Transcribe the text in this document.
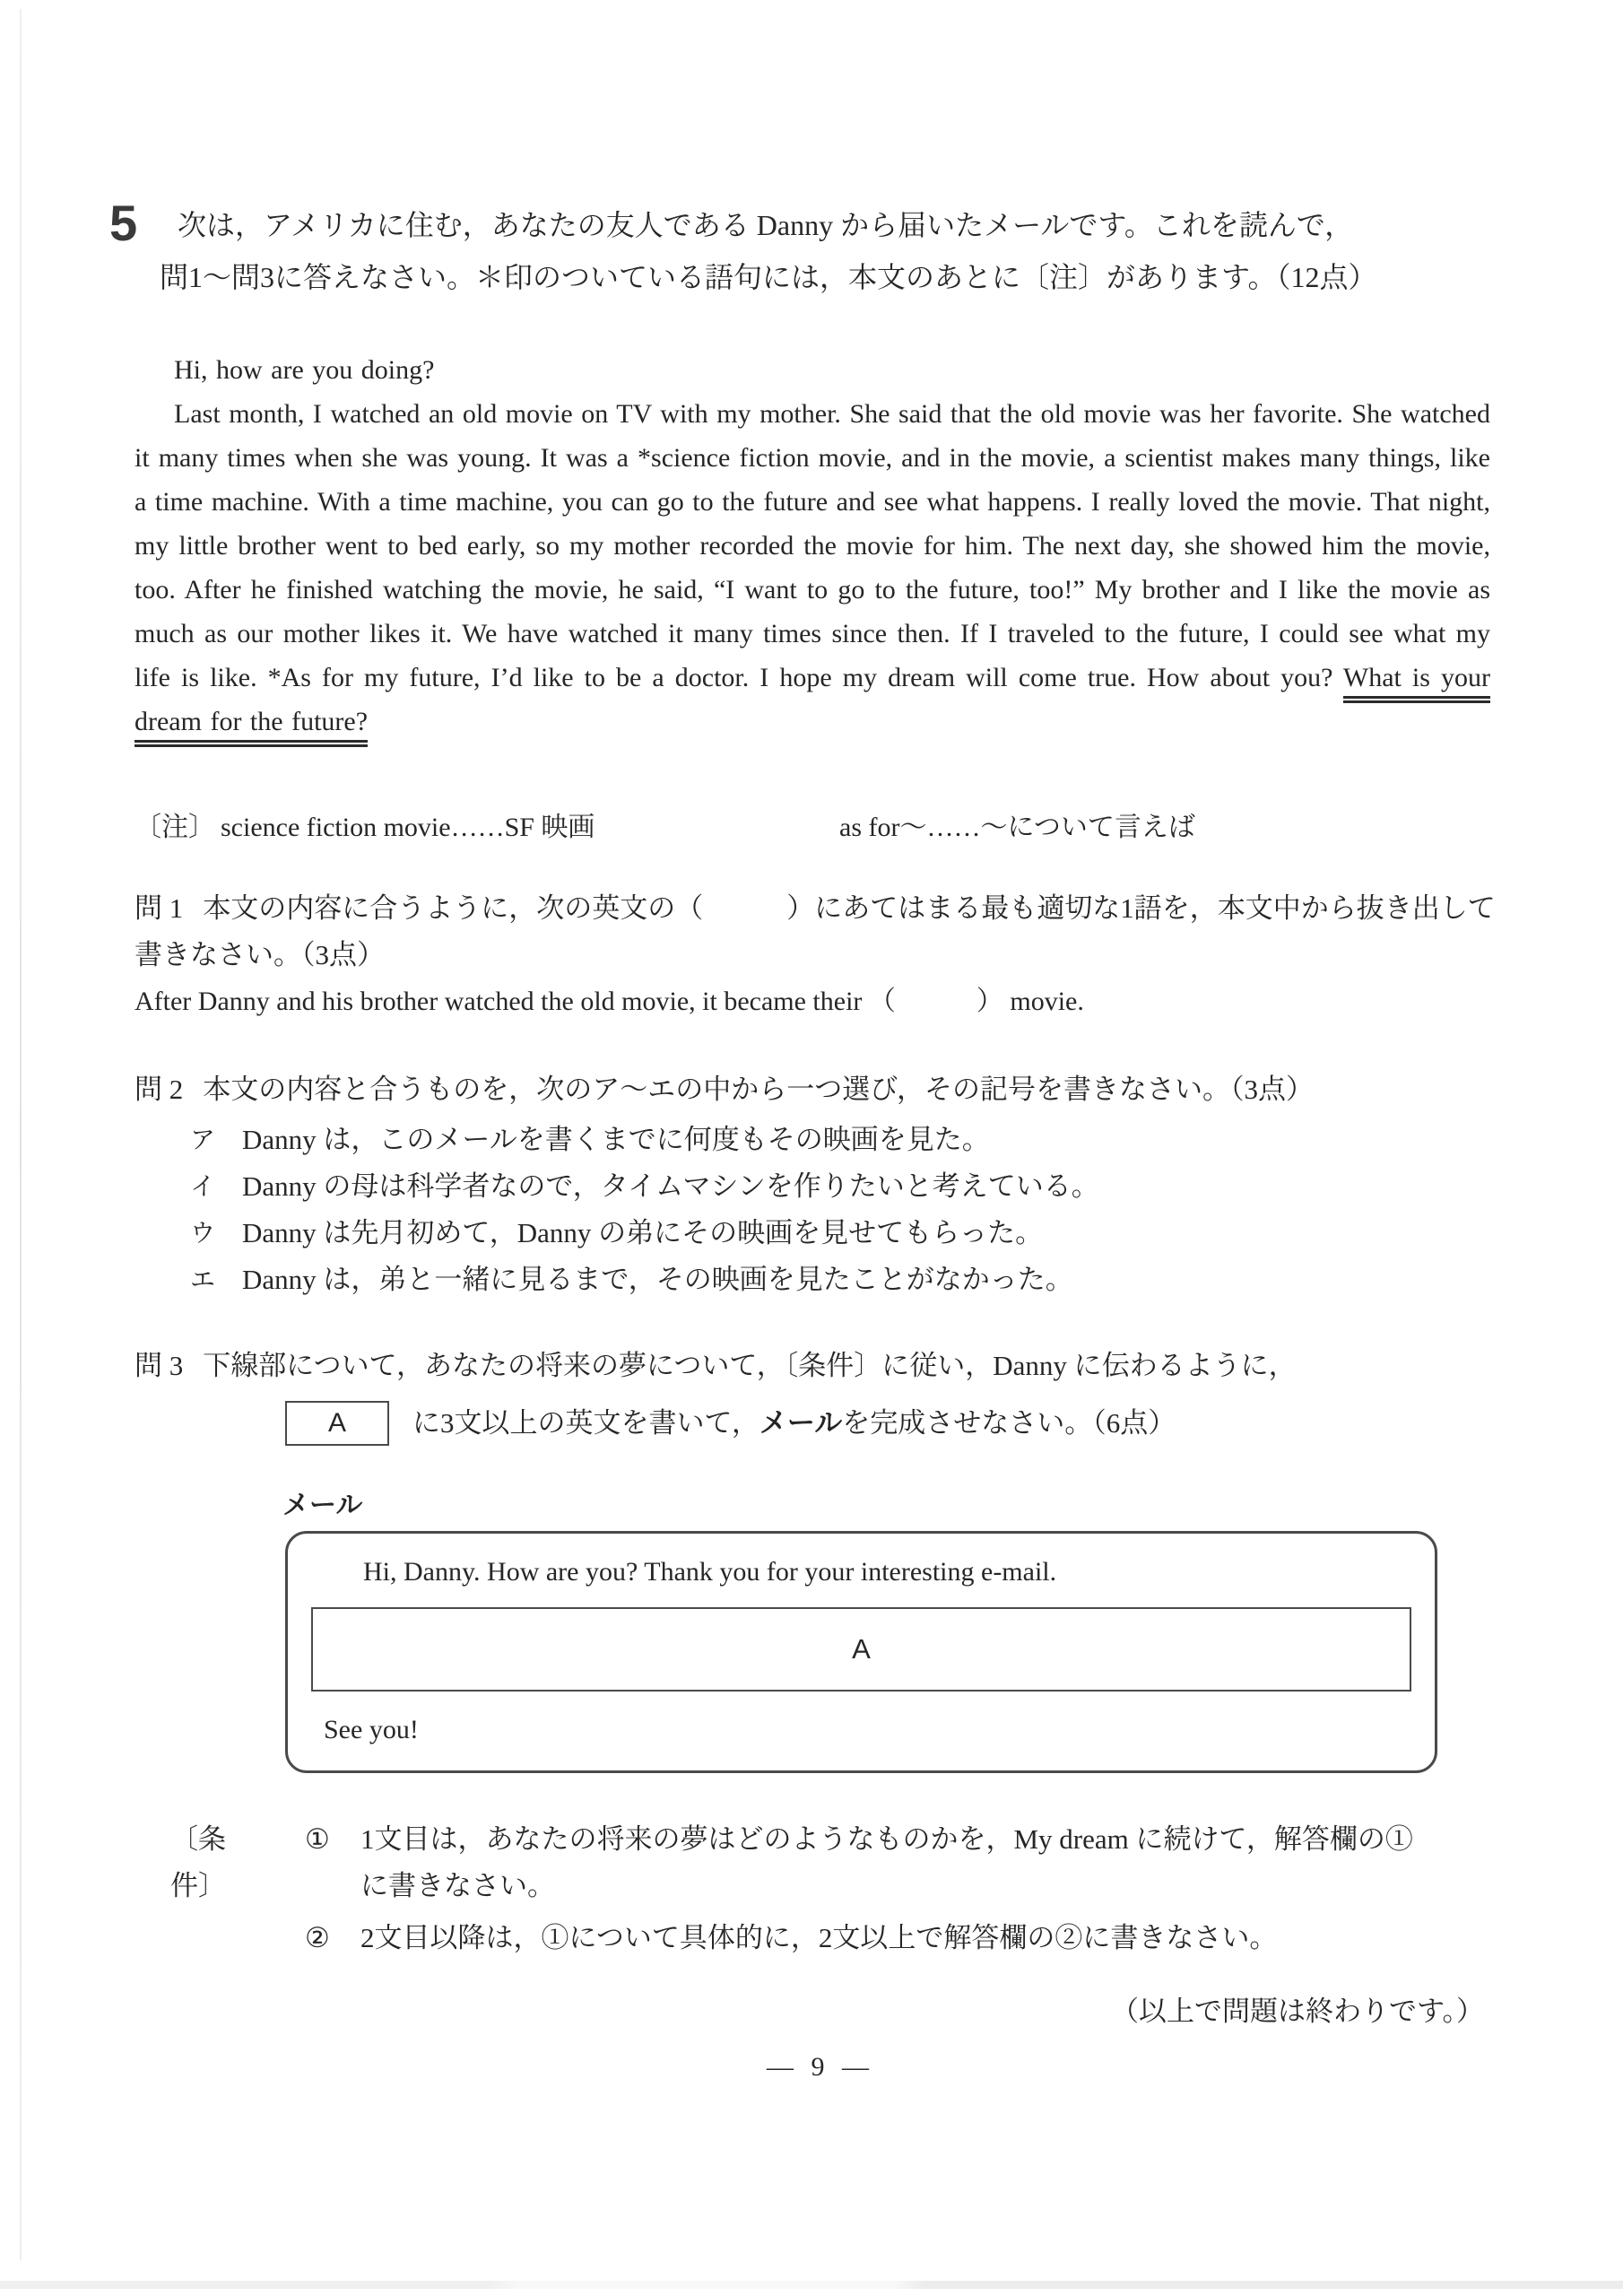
5	次は，アメリカに住む，あなたの友人である Danny から届いたメールです。これを読んで，

問1～問3に答えなさい。＊印のついている語句には，本文のあとに〔注〕があります。（12点）

Hi, how are you doing?

Last month, I watched an old movie on TV with my mother. She said that the old movie was her favorite. She watched it many times when she was young. It was a *science fiction movie, and in the movie, a scientist makes many things, like a time machine. With a time machine, you can go to the future and see what happens. I really loved the movie. That night, my little brother went to bed early, so my mother recorded the movie for him. The next day, she showed him the movie, too. After he finished watching the movie, he said, “I want to go to the future, too!” My brother and I like the movie as much as our mother likes it. We have watched it many times since then. If I traveled to the future, I could see what my life is like. *As for my future, I’d like to be a doctor. I hope my dream will come true. How about you? What is your dream for the future?

〔注〕 science fiction movie……SF 映画	as for～……～について言えば

問 1 本文の内容に合うように，次の英文の（　　　）にあてはまる最も適切な1語を，本文中から抜き出して書きなさい。（3点）

After Danny and his brother watched the old movie, it became their （　　　） movie.

問 2 本文の内容と合うものを，次のア～エの中から一つ選び，その記号を書きなさい。（3点）

ア Danny は，このメールを書くまでに何度もその映画を見た。
イ Danny の母は科学者なので，タイムマシンを作りたいと考えている。
ウ Danny は先月初めて，Danny の弟にその映画を見せてもらった。
エ Danny は，弟と一緒に見るまで，その映画を見たことがなかった。

問 3 下線部について，あなたの将来の夢について，〔条件〕に従い，Danny に伝わるように，

A	に3文以上の英文を書いて，メールを完成させなさい。（6点）
メール

Hi, Danny. How are you? Thank you for your interesting e-mail.

A

See you!

〔条件〕
①	1文目は，あなたの将来の夢はどのようなものかを，My dream に続けて，解答欄の①に書きなさい。
②	2文目以降は，①について具体的に，2文以上で解答欄の②に書きなさい。
（以上で問題は終わりです。）
― 9 ―
